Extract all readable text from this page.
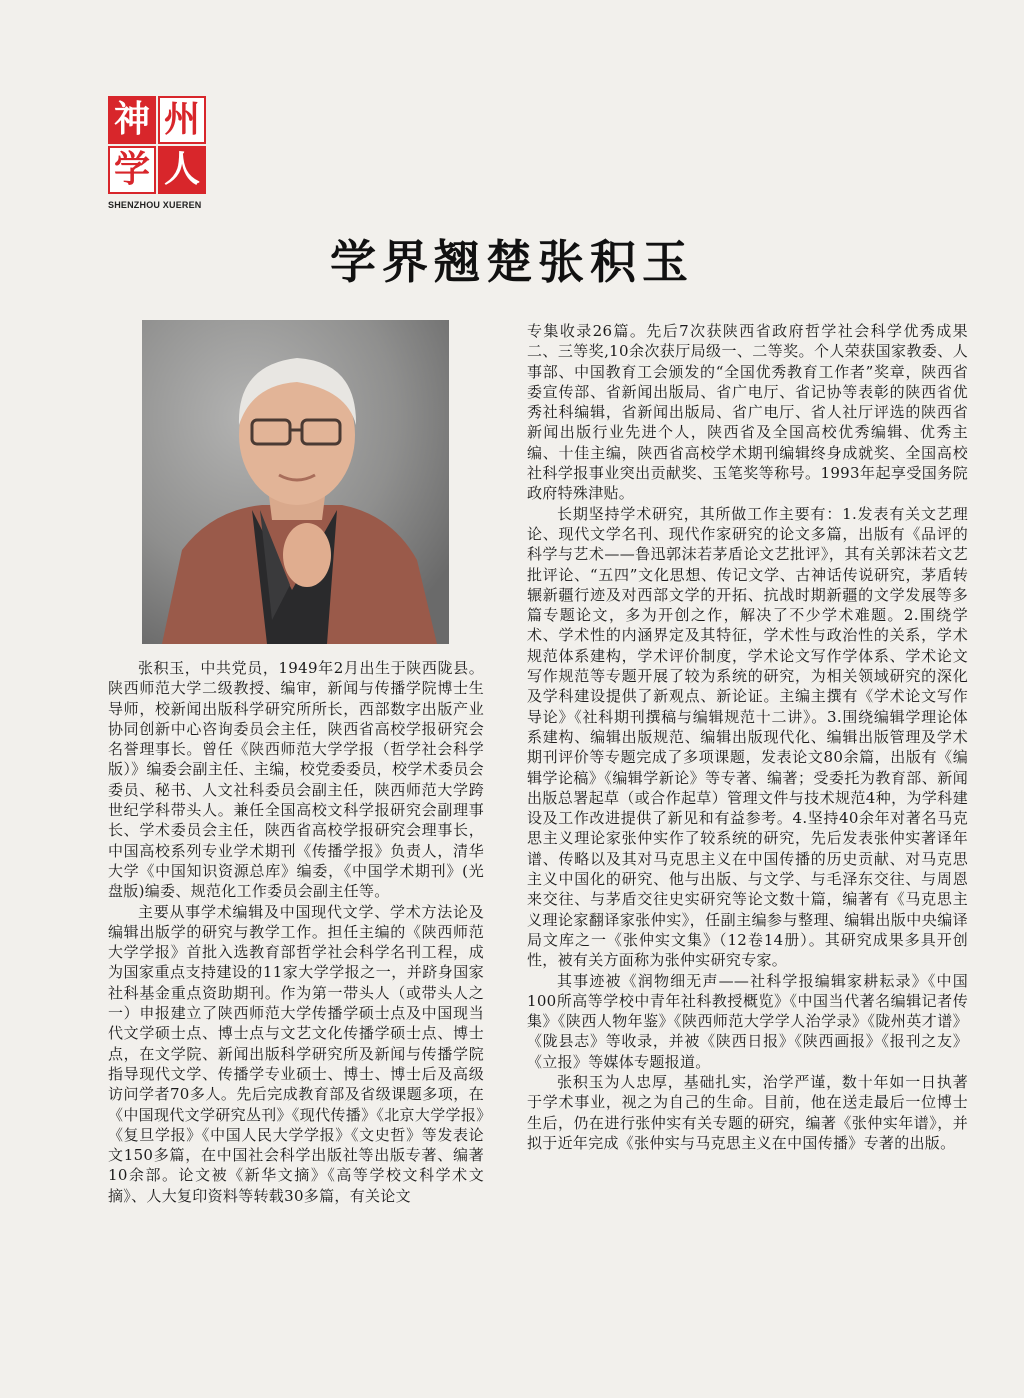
神 州
学 人
SHENZHOU XUEREN
学界翘楚张积玉

张积玉，中共党员，1949年2月出生于陕西陇县。陕西师范大学二级教授、编审，新闻与传播学院博士生导师，校新闻出版科学研究所所长，西部数字出版产业协同创新中心咨询委员会主任，陕西省高校学报研究会名誉理事长。曾任《陕西师范大学学报（哲学社会科学版）》编委会副主任、主编，校党委委员，校学术委员会委员、秘书、人文社科委员会副主任，陕西师范大学跨世纪学科带头人。兼任全国高校文科学报研究会副理事长、学术委员会主任，陕西省高校学报研究会理事长，中国高校系列专业学术期刊《传播学报》负责人，清华大学《中国知识资源总库》编委，《中国学术期刊》(光盘版)编委、规范化工作委员会副主任等。

主要从事学术编辑及中国现代文学、学术方法论及编辑出版学的研究与教学工作。担任主编的《陕西师范大学学报》首批入选教育部哲学社会科学名刊工程，成为国家重点支持建设的11家大学学报之一，并跻身国家社科基金重点资助期刊。作为第一带头人（或带头人之一）申报建立了陕西师范大学传播学硕士点及中国现当代文学硕士点、博士点与文艺文化传播学硕士点、博士点，在文学院、新闻出版科学研究所及新闻与传播学院指导现代文学、传播学专业硕士、博士、博士后及高级访问学者70多人。先后完成教育部及省级课题多项，在《中国现代文学研究丛刊》《现代传播》《北京大学学报》《复旦学报》《中国人民大学学报》《文史哲》等发表论文150多篇，在中国社会科学出版社等出版专著、编著10余部。论文被《新华文摘》《高等学校文科学术文摘》、人大复印资料等转载30多篇，有关论文

专集收录26篇。先后7次获陕西省政府哲学社会科学优秀成果二、三等奖,10余次获厅局级一、二等奖。个人荣获国家教委、人事部、中国教育工会颁发的“全国优秀教育工作者”奖章，陕西省委宣传部、省新闻出版局、省广电厅、省记协等表彰的陕西省优秀社科编辑，省新闻出版局、省广电厅、省人社厅评选的陕西省新闻出版行业先进个人，陕西省及全国高校优秀编辑、优秀主编、十佳主编，陕西省高校学术期刊编辑终身成就奖、全国高校社科学报事业突出贡献奖、玉笔奖等称号。1993年起享受国务院政府特殊津贴。

长期坚持学术研究，其所做工作主要有：1.发表有关文艺理论、现代文学名刊、现代作家研究的论文多篇，出版有《品评的科学与艺术——鲁迅郭沫若茅盾论文艺批评》，其有关郭沫若文艺批评论、“五四”文化思想、传记文学、古神话传说研究，茅盾转辗新疆行迹及对西部文学的开拓、抗战时期新疆的文学发展等多篇专题论文，多为开创之作，解决了不少学术难题。2.围绕学术、学术性的内涵界定及其特征，学术性与政治性的关系，学术规范体系建构，学术评价制度，学术论文写作学体系、学术论文写作规范等专题开展了较为系统的研究，为相关领域研究的深化及学科建设提供了新观点、新论证。主编主撰有《学术论文写作导论》《社科期刊撰稿与编辑规范十二讲》。3.围绕编辑学理论体系建构、编辑出版规范、编辑出版现代化、编辑出版管理及学术期刊评价等专题完成了多项课题，发表论文80余篇，出版有《编辑学论稿》《编辑学新论》等专著、编著；受委托为教育部、新闻出版总署起草（或合作起草）管理文件与技术规范4种，为学科建设及工作改进提供了新见和有益参考。4.坚持40余年对著名马克思主义理论家张仲实作了较系统的研究，先后发表张仲实著译年谱、传略以及其对马克思主义在中国传播的历史贡献、对马克思主义中国化的研究、他与出版、与文学、与毛泽东交往、与周恩来交往、与茅盾交往史实研究等论文数十篇，编著有《马克思主义理论家翻译家张仲实》，任副主编参与整理、编辑出版中央编译局文库之一《张仲实文集》（12卷14册）。其研究成果多具开创性，被有关方面称为张仲实研究专家。

其事迹被《润物细无声——社科学报编辑家耕耘录》《中国100所高等学校中青年社科教授概览》《中国当代著名编辑记者传集》《陕西人物年鉴》《陕西师范大学学人治学录》《陇州英才谱》《陇县志》等收录，并被《陕西日报》《陕西画报》《报刊之友》《立报》等媒体专题报道。

张积玉为人忠厚，基础扎实，治学严谨，数十年如一日执著于学术事业，视之为自己的生命。目前，他在送走最后一位博士生后，仍在进行张仲实有关专题的研究，编著《张仲实年谱》，并拟于近年完成《张仲实与马克思主义在中国传播》专著的出版。
